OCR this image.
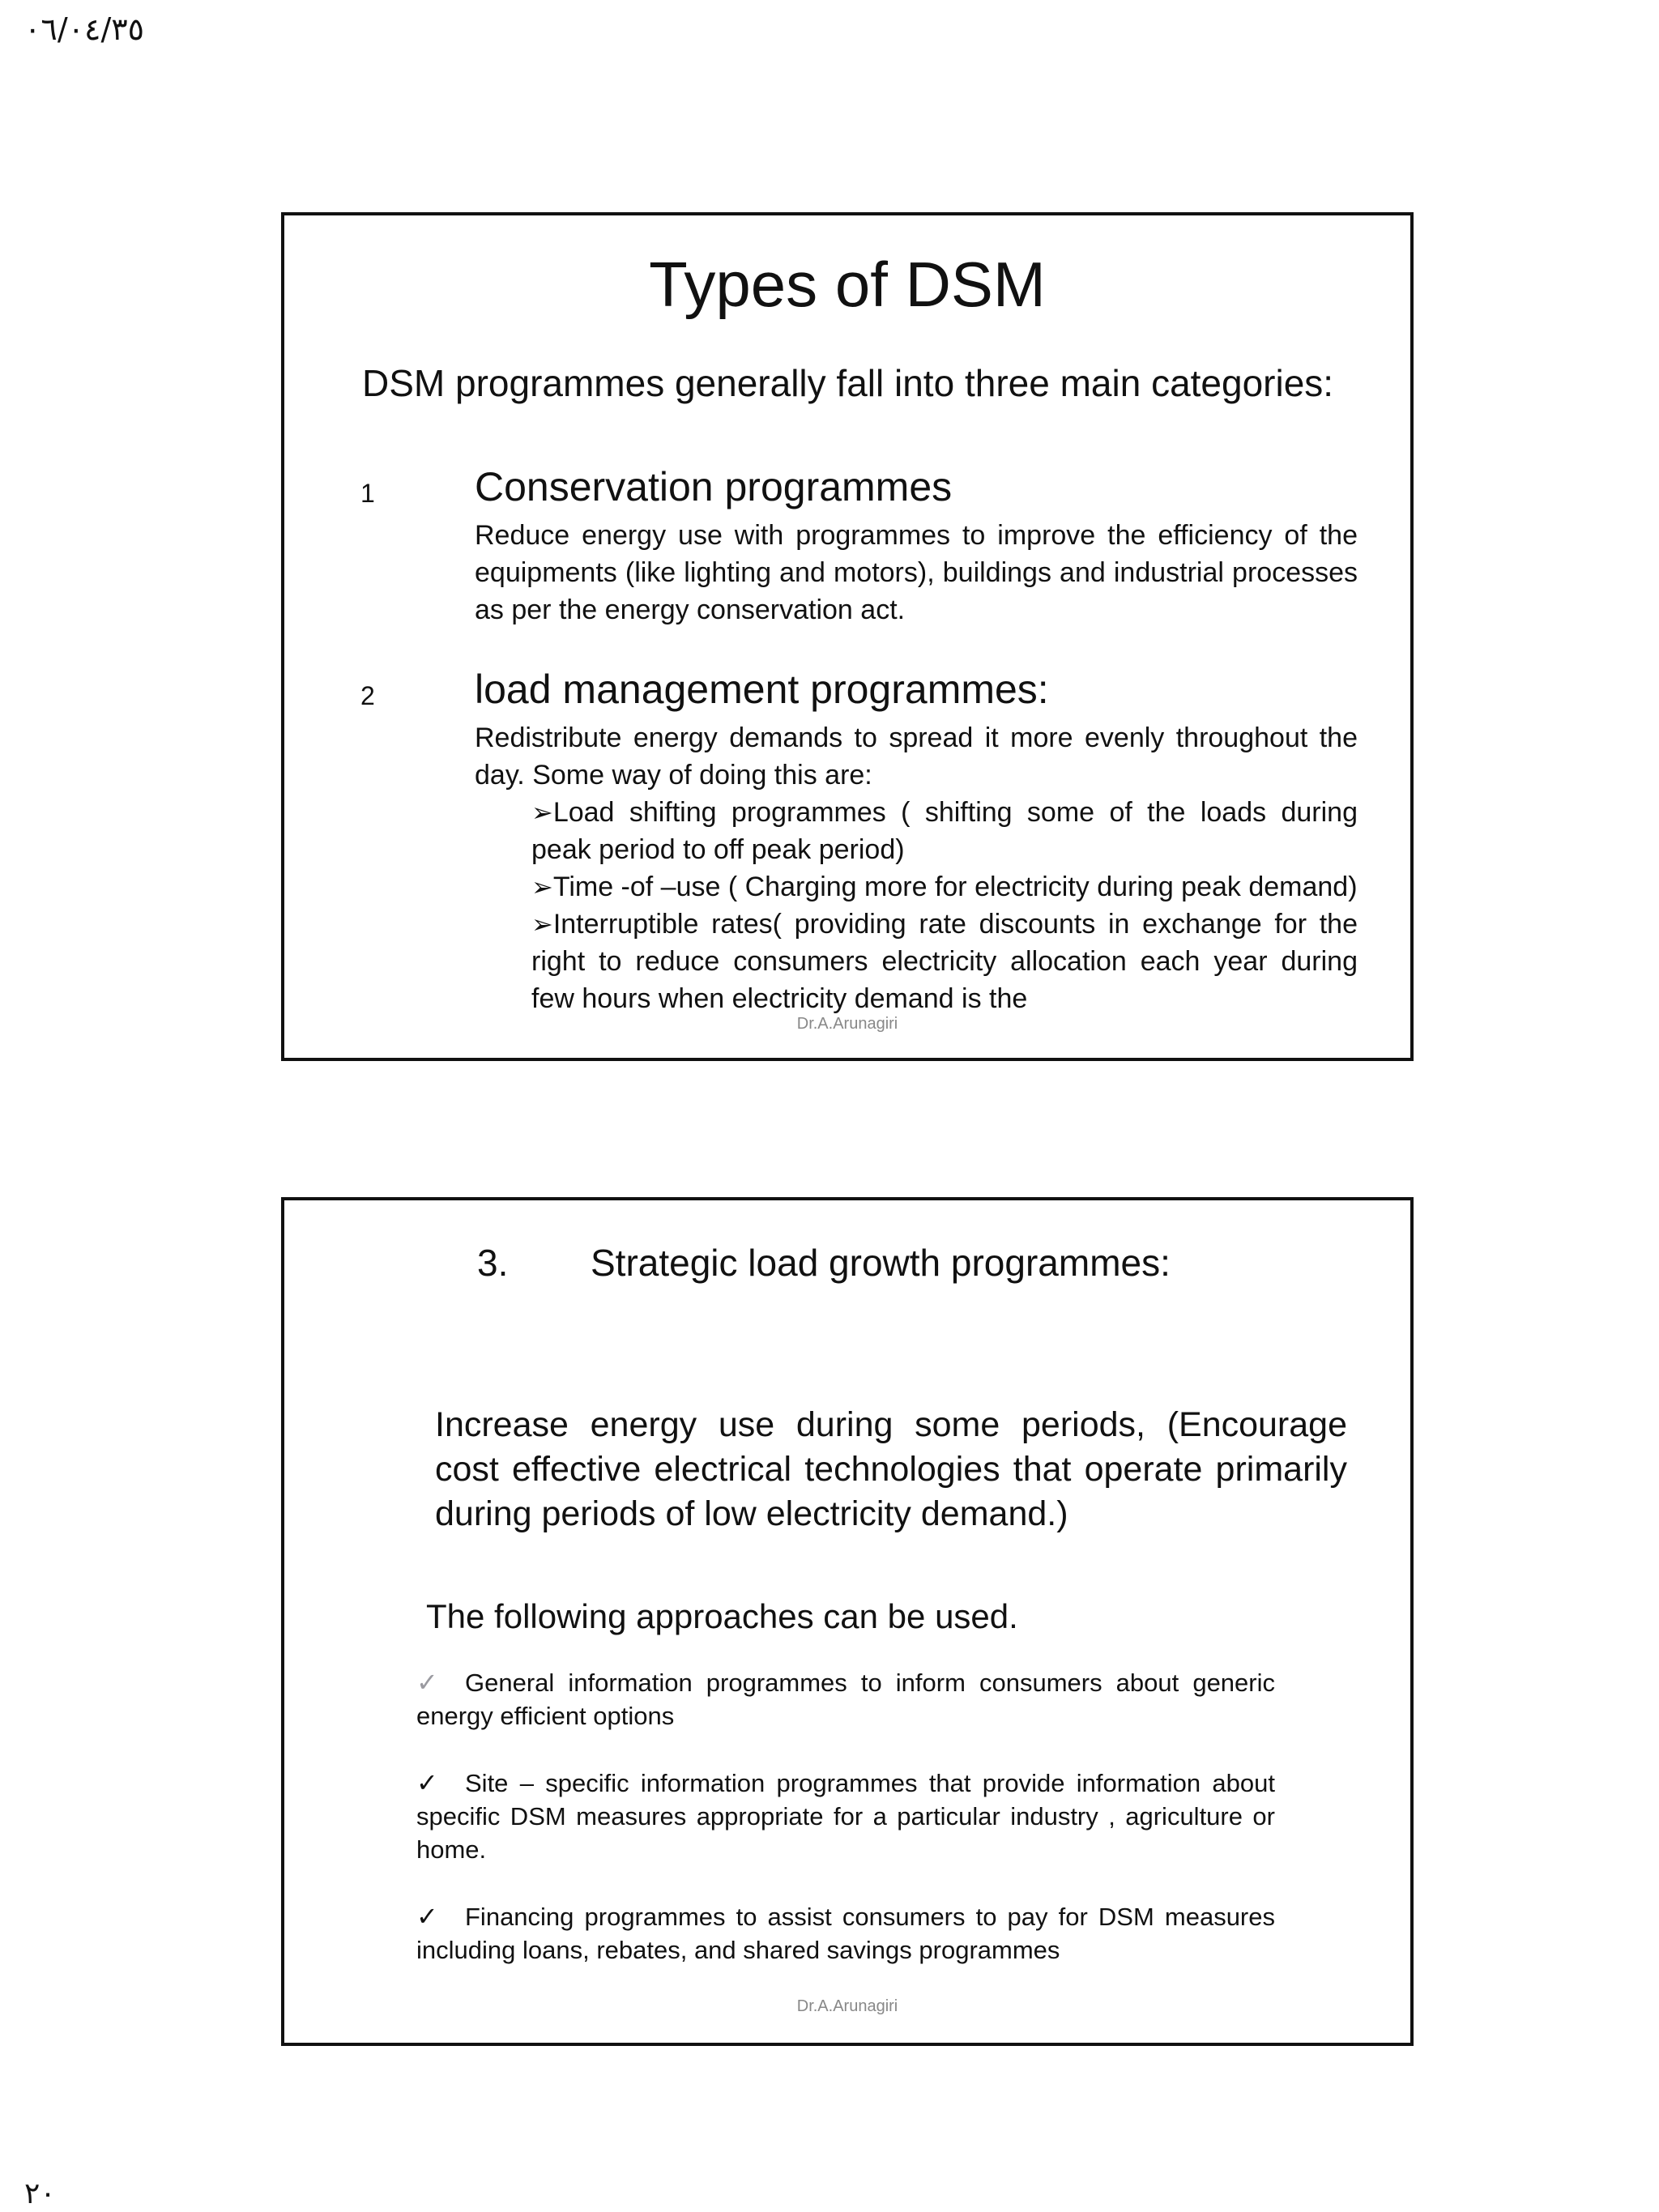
٠٦/٠٤/٣٥
Types of DSM
DSM programmes generally fall into three main categories:
1 Conservation programmes
Reduce energy use with programmes to improve the efficiency of the equipments (like lighting and motors), buildings and industrial processes as per the energy conservation act.
2 load management programmes:
Redistribute energy demands to spread it more evenly throughout the day. Some way of doing this are:

➢Load shifting programmes ( shifting some of the loads during peak period to off peak period)

➢Time -of –use ( Charging more for electricity during peak demand)

➢Interruptible rates( providing rate discounts in exchange for the right to reduce consumers electricity allocation each year during few hours when electricity demand is the

Dr.A.Arunagiri
3. Strategic load growth programmes:
Increase energy use during some periods, (Encourage cost effective electrical technologies that operate primarily during periods of low electricity demand.)
The following approaches can be used.

✓ General information programmes to inform consumers about generic energy efficient options

✓ Site – specific information programmes that provide information about specific DSM measures appropriate for a particular industry , agriculture or home.

✓ Financing programmes to assist consumers to pay for DSM measures including loans, rebates, and shared savings programmes

Dr.A.Arunagiri
٢٠
